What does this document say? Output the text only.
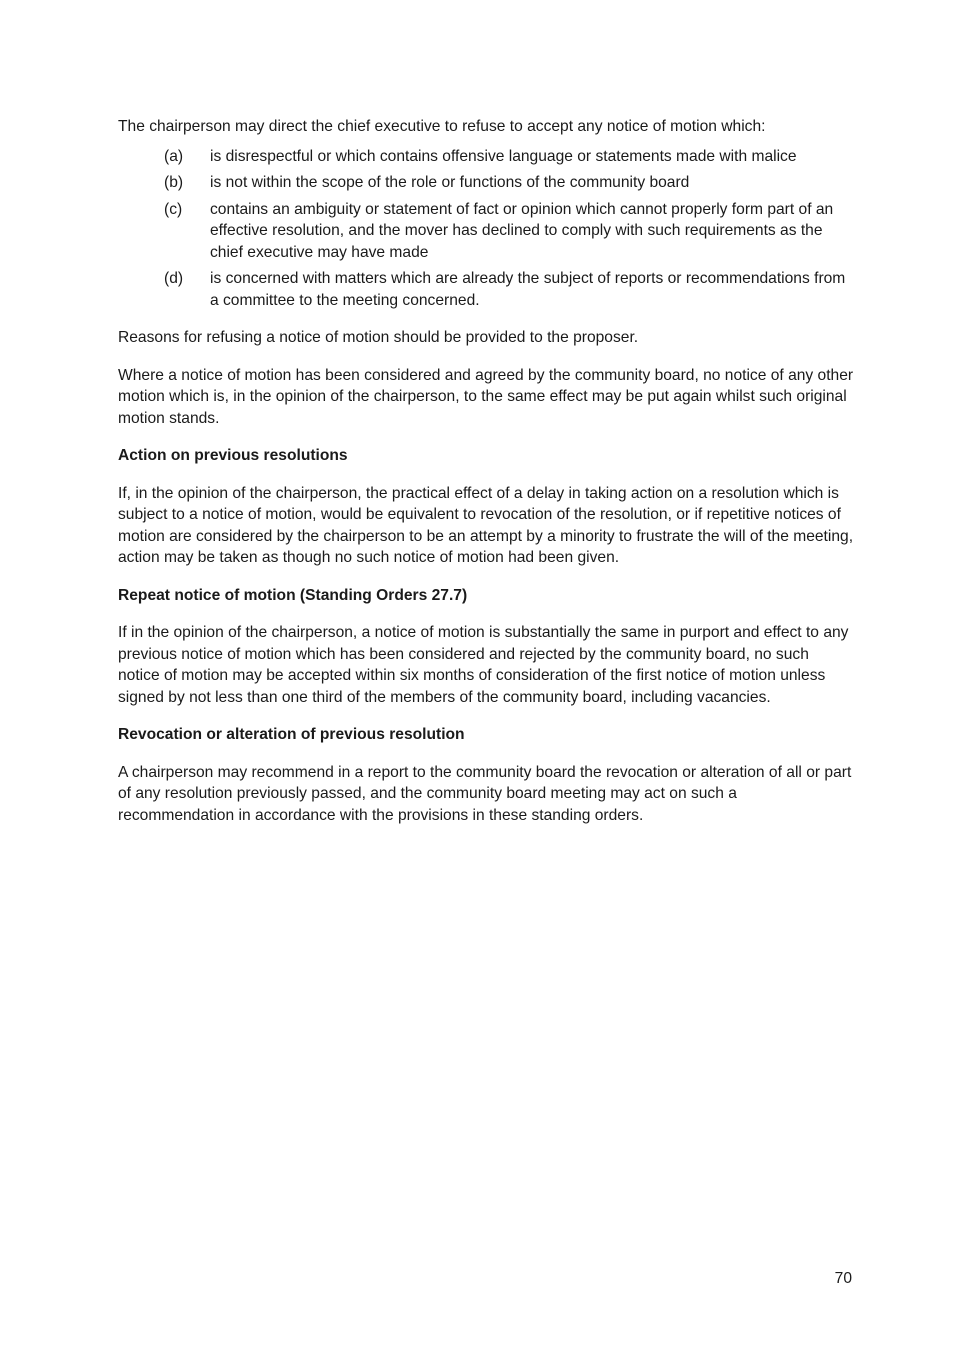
The chairperson may direct the chief executive to refuse to accept any notice of motion which:

(a)	is disrespectful or which contains offensive language or statements made with malice
(b)	is not within the scope of the role or functions of the community board
(c)	contains an ambiguity or statement of fact or opinion which cannot properly form part of an effective resolution, and the mover has declined to comply with such requirements as the chief executive may have made
(d)	is concerned with matters which are already the subject of reports or recommendations from a committee to the meeting concerned.

Reasons for refusing a notice of motion should be provided to the proposer.

Where a notice of motion has been considered and agreed by the community board, no notice of any other motion which is, in the opinion of the chairperson, to the same effect may be put again whilst such original motion stands.

Action on previous resolutions

If, in the opinion of the chairperson, the practical effect of a delay in taking action on a resolution which is subject to a notice of motion, would be equivalent to revocation of the resolution, or if repetitive notices of motion are considered by the chairperson to be an attempt by a minority to frustrate the will of the meeting, action may be taken as though no such notice of motion had been given.

Repeat notice of motion (Standing Orders 27.7)

If in the opinion of the chairperson, a notice of motion is substantially the same in purport and effect to any previous notice of motion which has been considered and rejected by the community board, no such notice of motion may be accepted within six months of consideration of the first notice of motion unless signed by not less than one third of the members of the community board, including vacancies.

Revocation or alteration of previous resolution

A chairperson may recommend in a report to the community board the revocation or alteration of all or part of any resolution previously passed, and the community board meeting may act on such a recommendation in accordance with the provisions in these standing orders.

70
